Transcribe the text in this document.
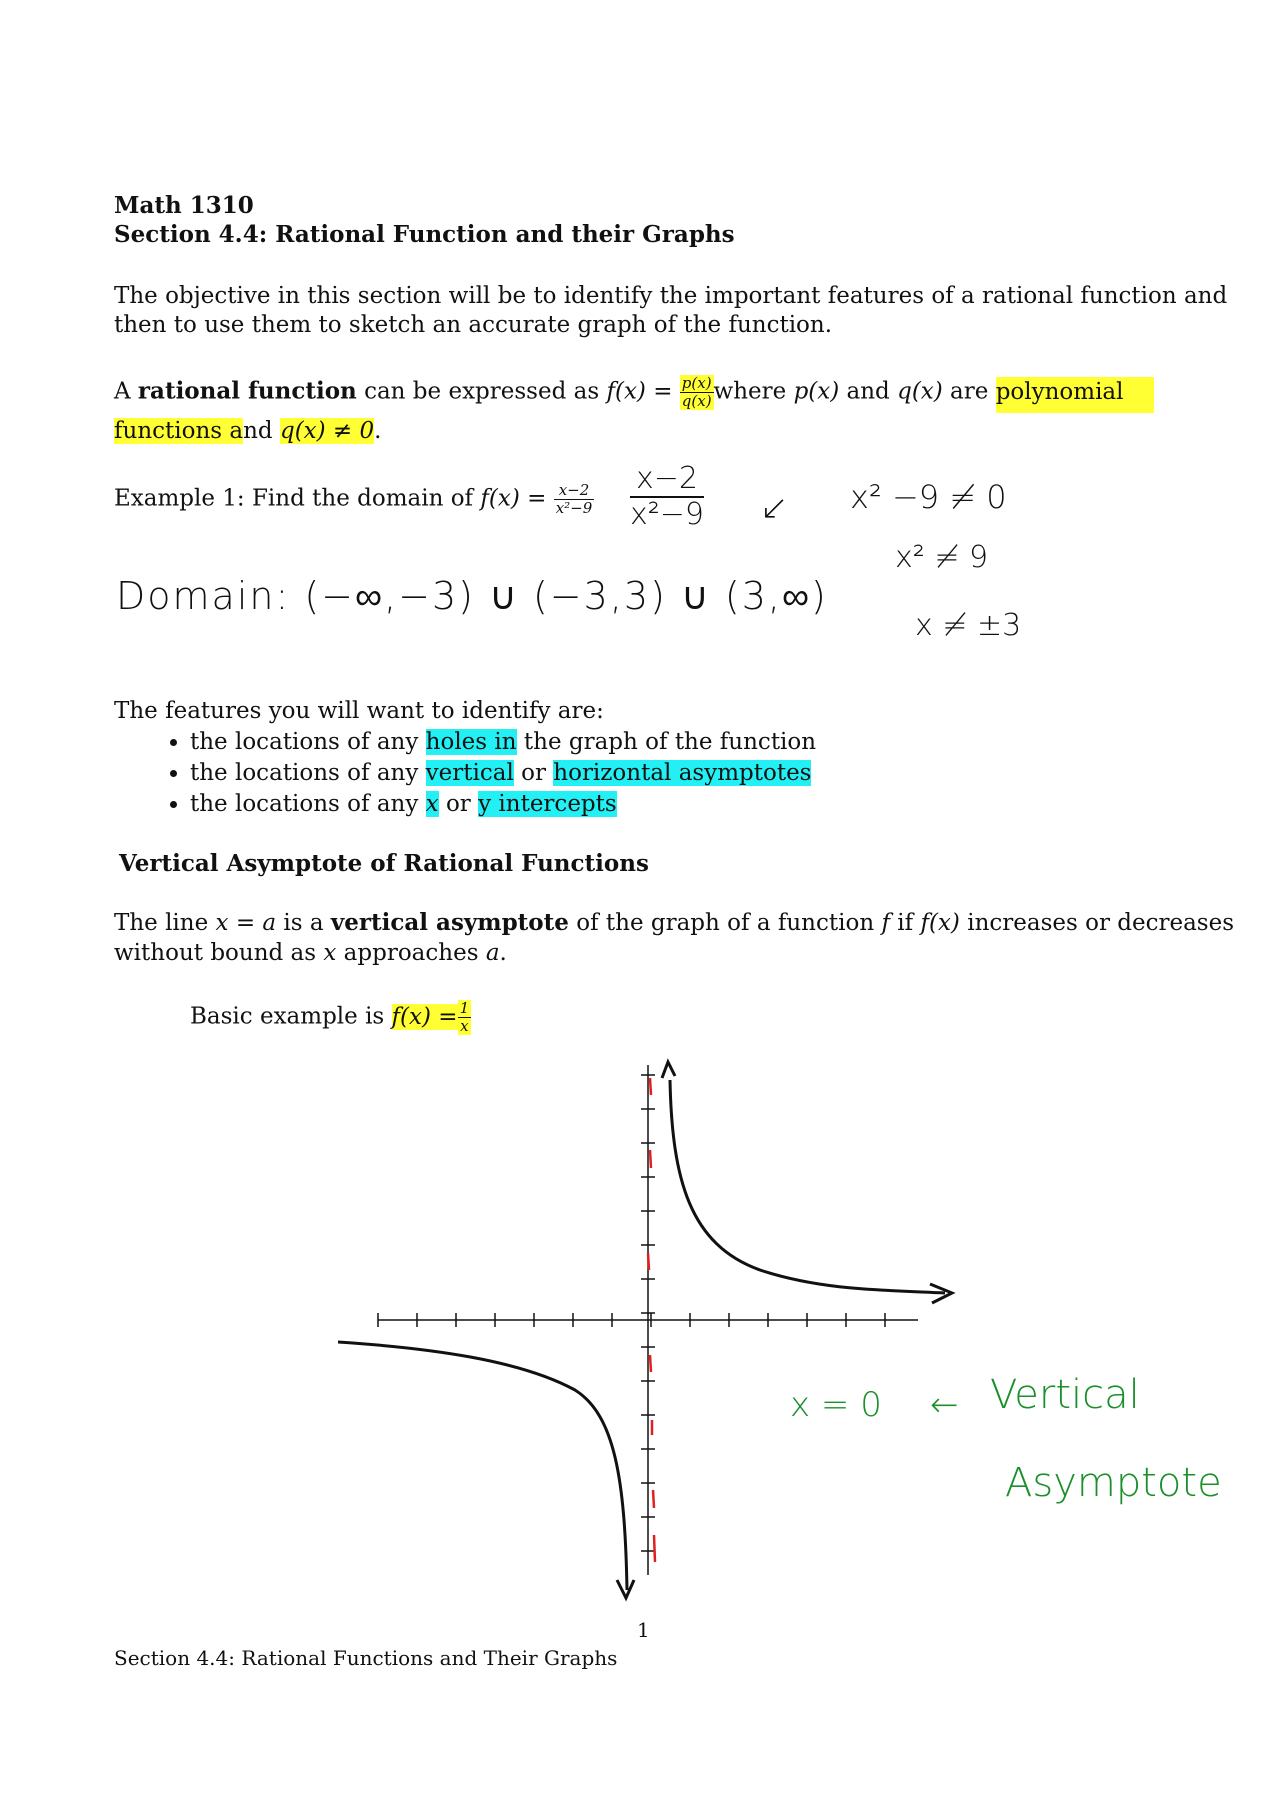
Math 1310
Section 4.4: Rational Function and their Graphs
The objective in this section will be to identify the important features of a rational function and
then to use them to sketch an accurate graph of the function.
A rational function can be expressed as $f(x) = \frac{p(x)}{q(x)}$ where p(x) and q(x) are polynomial
functions and q(x) ≠ 0.
Example 1: Find the domain of $f(x) = \frac{x-2}{\text{x²−9}} \frac{x-2}{\text{x²−9}}$ ↙ x² −9 ≠ 0
x² ≠ 9
x ≠ ±3
Domain: (−∞,−3) ∪ (−3,3) ∪ (3,∞)
The features you will want to identify are:
• the locations of any holes in the graph of the function
• the locations of any vertical or horizontal asymptotes
• the locations of any x or y intercepts
Vertical Asymptote of Rational Functions
The line x = a is a vertical asymptote of the graph of a function f if f(x) increases or decreases
without bound as x approaches a.
Basic example is $f(x) = \frac{1}{x}$
x = 0 ← Vertical
Asymptote
1
Section 4.4: Rational Functions and Their Graphs
